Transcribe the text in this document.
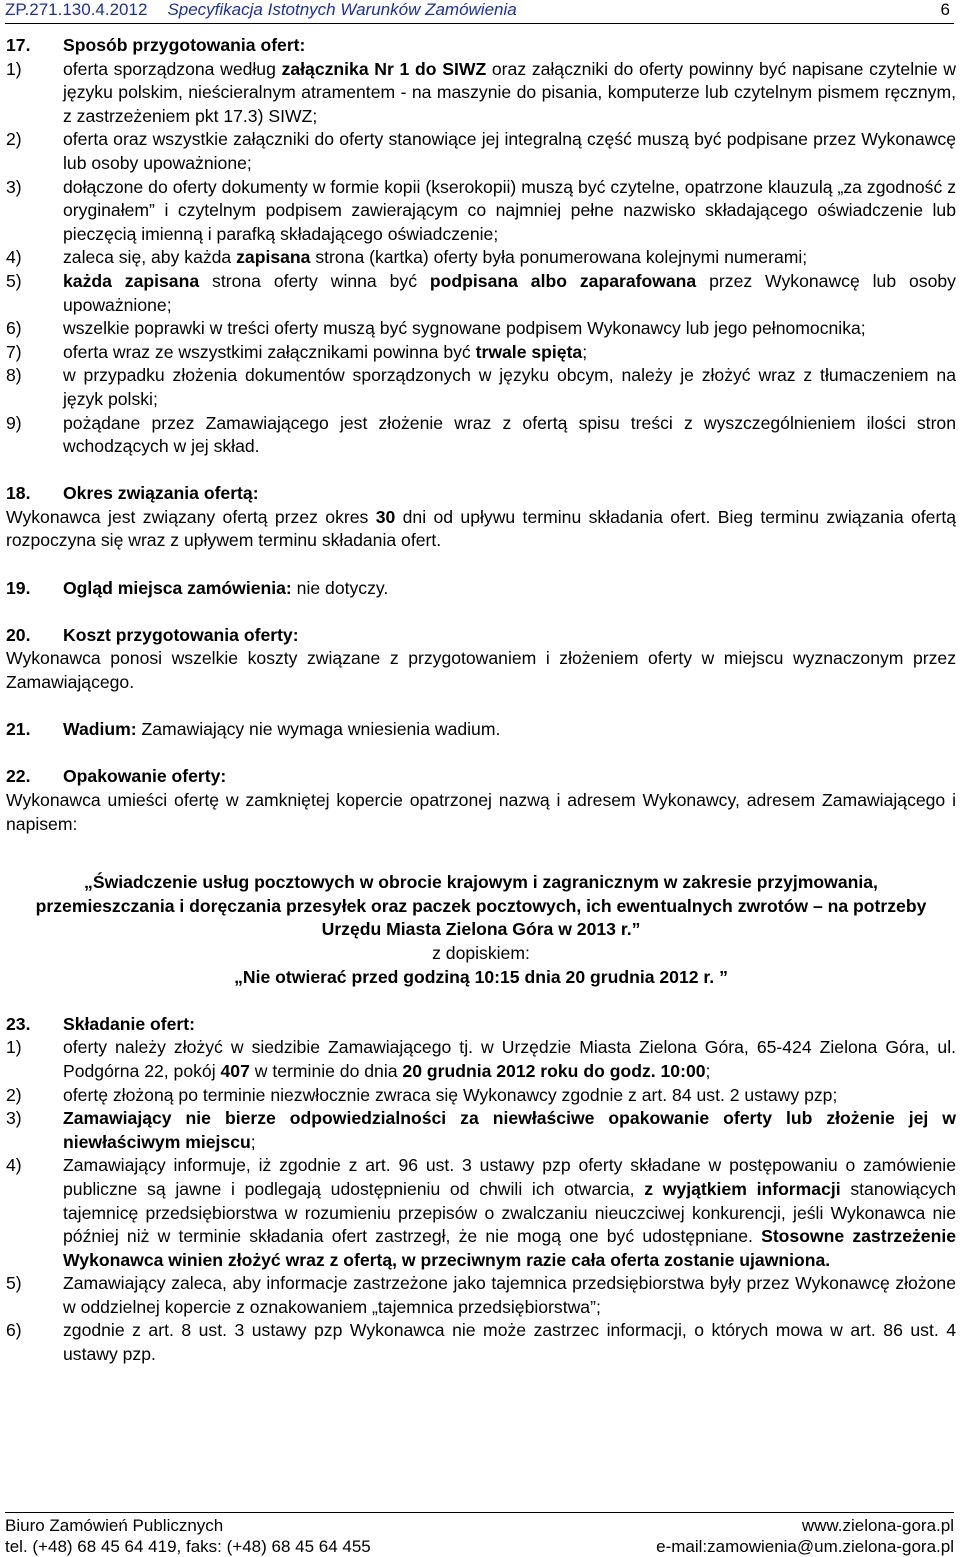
ZP.271.130.4.2012 Specyfikacja Istotnych Warunków Zamówienia	6
17. Sposób przygotowania ofert:
1)	oferta sporządzona według załącznika Nr 1 do SIWZ oraz załączniki do oferty powinny być napisane czytelnie w języku polskim, nieścieralnym atramentem - na maszynie do pisania, komputerze lub czytelnym pismem ręcznym, z zastrzeżeniem pkt 17.3) SIWZ;
2)	oferta oraz wszystkie załączniki do oferty stanowiące jej integralną część muszą być podpisane przez Wykonawcę lub osoby upoważnione;
3)	dołączone do oferty dokumenty w formie kopii (kserokopii) muszą być czytelne, opatrzone klauzulą „za zgodność z oryginałem” i czytelnym podpisem zawierającym co najmniej pełne nazwisko składającego oświadczenie lub pieczęcią imienną i parafką składającego oświadczenie;
4)	zaleca się, aby każda zapisana strona (kartka) oferty była ponumerowana kolejnymi numerami;
5)	każda zapisana strona oferty winna być podpisana albo zaparafowana przez Wykonawcę lub osoby upoważnione;
6)	wszelkie poprawki w treści oferty muszą być sygnowane podpisem Wykonawcy lub jego pełnomocnika;
7)	oferta wraz ze wszystkimi załącznikami powinna być trwale spięta;
8)	w przypadku złożenia dokumentów sporządzonych w języku obcym, należy je złożyć wraz z tłumaczeniem na język polski;
9)	pożądane przez Zamawiającego jest złożenie wraz z ofertą spisu treści z wyszczególnieniem ilości stron wchodzących w jej skład.
18. Okres związania ofertą:

Wykonawca jest związany ofertą przez okres 30 dni od upływu terminu składania ofert. Bieg terminu związania ofertą rozpoczyna się wraz z upływem terminu składania ofert.

19. Ogląd miejsca zamówienia: nie dotyczy.
20. Koszt przygotowania oferty:

Wykonawca ponosi wszelkie koszty związane z przygotowaniem i złożeniem oferty w miejscu wyznaczonym przez Zamawiającego.

21. Wadium: Zamawiający nie wymaga wniesienia wadium.
22. Opakowanie oferty:

Wykonawca umieści ofertę w zamkniętej kopercie opatrzonej nazwą i adresem Wykonawcy, adresem Zamawiającego i napisem:

„Świadczenie usług pocztowych w obrocie krajowym i zagranicznym w zakresie przyjmowania, przemieszczania i doręczania przesyłek oraz paczek pocztowych, ich ewentualnych zwrotów – na potrzeby Urzędu Miasta Zielona Góra w 2013 r.”
z dopiskiem:
„Nie otwierać przed godziną 10:15 dnia 20 grudnia 2012 r. ”
23. Składanie ofert:
1)	oferty należy złożyć w siedzibie Zamawiającego tj. w Urzędzie Miasta Zielona Góra, 65-424 Zielona Góra, ul. Podgórna 22, pokój 407 w terminie do dnia 20 grudnia 2012 roku do godz. 10:00;
2)	ofertę złożoną po terminie niezwłocznie zwraca się Wykonawcy zgodnie z art. 84 ust. 2 ustawy pzp;
3)	Zamawiający nie bierze odpowiedzialności za niewłaściwe opakowanie oferty lub złożenie jej w niewłaściwym miejscu;
4)	Zamawiający informuje, iż zgodnie z art. 96 ust. 3 ustawy pzp oferty składane w postępowaniu o zamówienie publiczne są jawne i podlegają udostępnieniu od chwili ich otwarcia, z wyjątkiem informacji stanowiących tajemnicę przedsiębiorstwa w rozumieniu przepisów o zwalczaniu nieuczciwej konkurencji, jeśli Wykonawca nie później niż w terminie składania ofert zastrzegł, że nie mogą one być udostępniane. Stosowne zastrzeżenie Wykonawca winien złożyć wraz z ofertą, w przeciwnym razie cała oferta zostanie ujawniona.
5)	Zamawiający zaleca, aby informacje zastrzeżone jako tajemnica przedsiębiorstwa były przez Wykonawcę złożone w oddzielnej kopercie z oznakowaniem „tajemnica przedsiębiorstwa”;
6)	zgodnie z art. 8 ust. 3 ustawy pzp Wykonawca nie może zastrzec informacji, o których mowa w art. 86 ust. 4 ustawy pzp.
Biuro Zamówień Publicznych	www.zielona-gora.pl
tel. (+48) 68 45 64 419, faks: (+48) 68 45 64 455	e-mail:zamowienia@um.zielona-gora.pl
